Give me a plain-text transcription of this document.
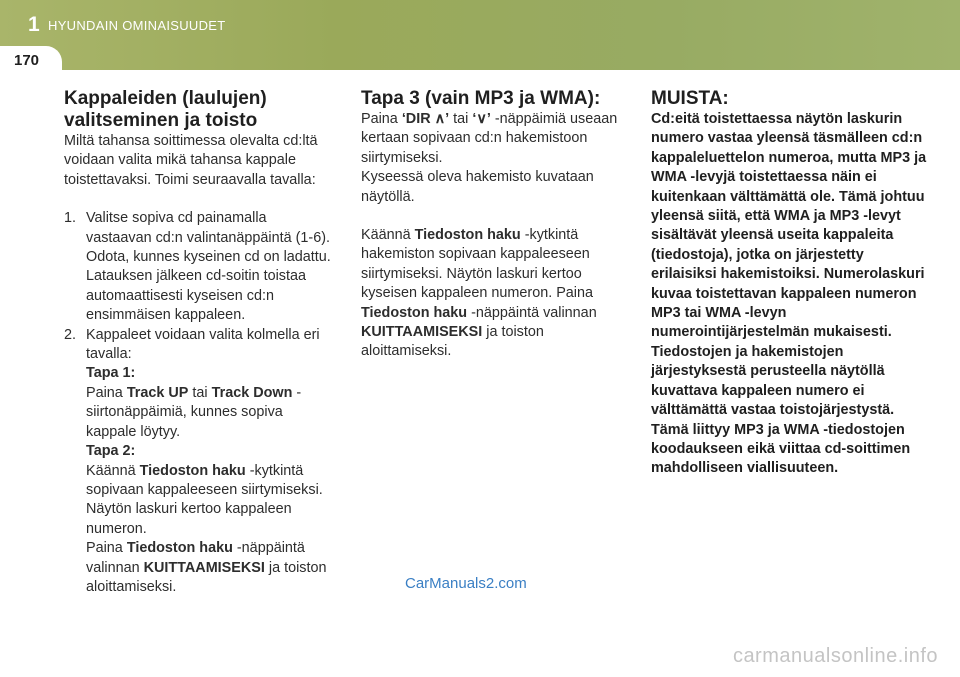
1 HYUNDAIN OMINAISUUDET
170
Kappaleiden (laulujen) valitseminen ja toisto

Miltä tahansa soittimessa olevalta cd:ltä voidaan valita mikä tahansa kappale toistettavaksi. Toimi seuraavalla tavalla:

1. Valitse sopiva cd painamalla vastaavan cd:n valintanäppäintä (1-6). Odota, kunnes kyseinen cd on ladattu. Latauksen jälkeen cd-soitin toistaa automaattisesti kyseisen cd:n ensimmäisen kappaleen.
2. Kappaleet voidaan valita kolmella eri tavalla:
Tapa 1:
Paina Track UP tai Track Down -siirtonäppäimiä, kunnes sopiva kappale löytyy.
Tapa 2:
Käännä Tiedoston haku -kytkintä sopivaan kappaleeseen siirtymiseksi. Näytön laskuri kertoo kappaleen numeron.
Paina Tiedoston haku -näppäintä valinnan KUITTAAMISEKSI ja toiston aloittamiseksi.
Tapa 3 (vain MP3 ja WMA):

Paina ‘DIR ∧’ tai ‘∨’ -näppäimiä useaan kertaan sopivaan cd:n hakemistoon siirtymiseksi.

Kyseessä oleva hakemisto kuvataan näytöllä.

Käännä Tiedoston haku -kytkintä hakemiston sopivaan kappaleeseen siirtymiseksi. Näytön laskuri kertoo kyseisen kappaleen numeron. Paina Tiedoston haku -näppäintä valinnan KUITTAAMISEKSI ja toiston aloittamiseksi.

MUISTA:

Cd:eitä toistettaessa näytön laskurin numero vastaa yleensä täsmälleen cd:n kappaleluettelon numeroa, mutta MP3 ja WMA -levyjä toistettaessa näin ei kuitenkaan välttämättä ole. Tämä johtuu yleensä siitä, että WMA ja MP3 -levyt sisältävät yleensä useita kappaleita (tiedostoja), jotka on järjestetty erilaisiksi hakemistoiksi. Numerolaskuri kuvaa toistettavan kappaleen numeron MP3 tai WMA -levyn numerointijärjestelmän mukaisesti. Tiedostojen ja hakemistojen järjestyksestä perusteella näytöllä kuvattava kappaleen numero ei välttämättä vastaa toistojärjestystä. Tämä liittyy MP3 ja WMA -tiedostojen koodaukseen eikä viittaa cd-soittimen mahdolliseen viallisuuteen.

CarManuals2.com
carmanualsonline.info
